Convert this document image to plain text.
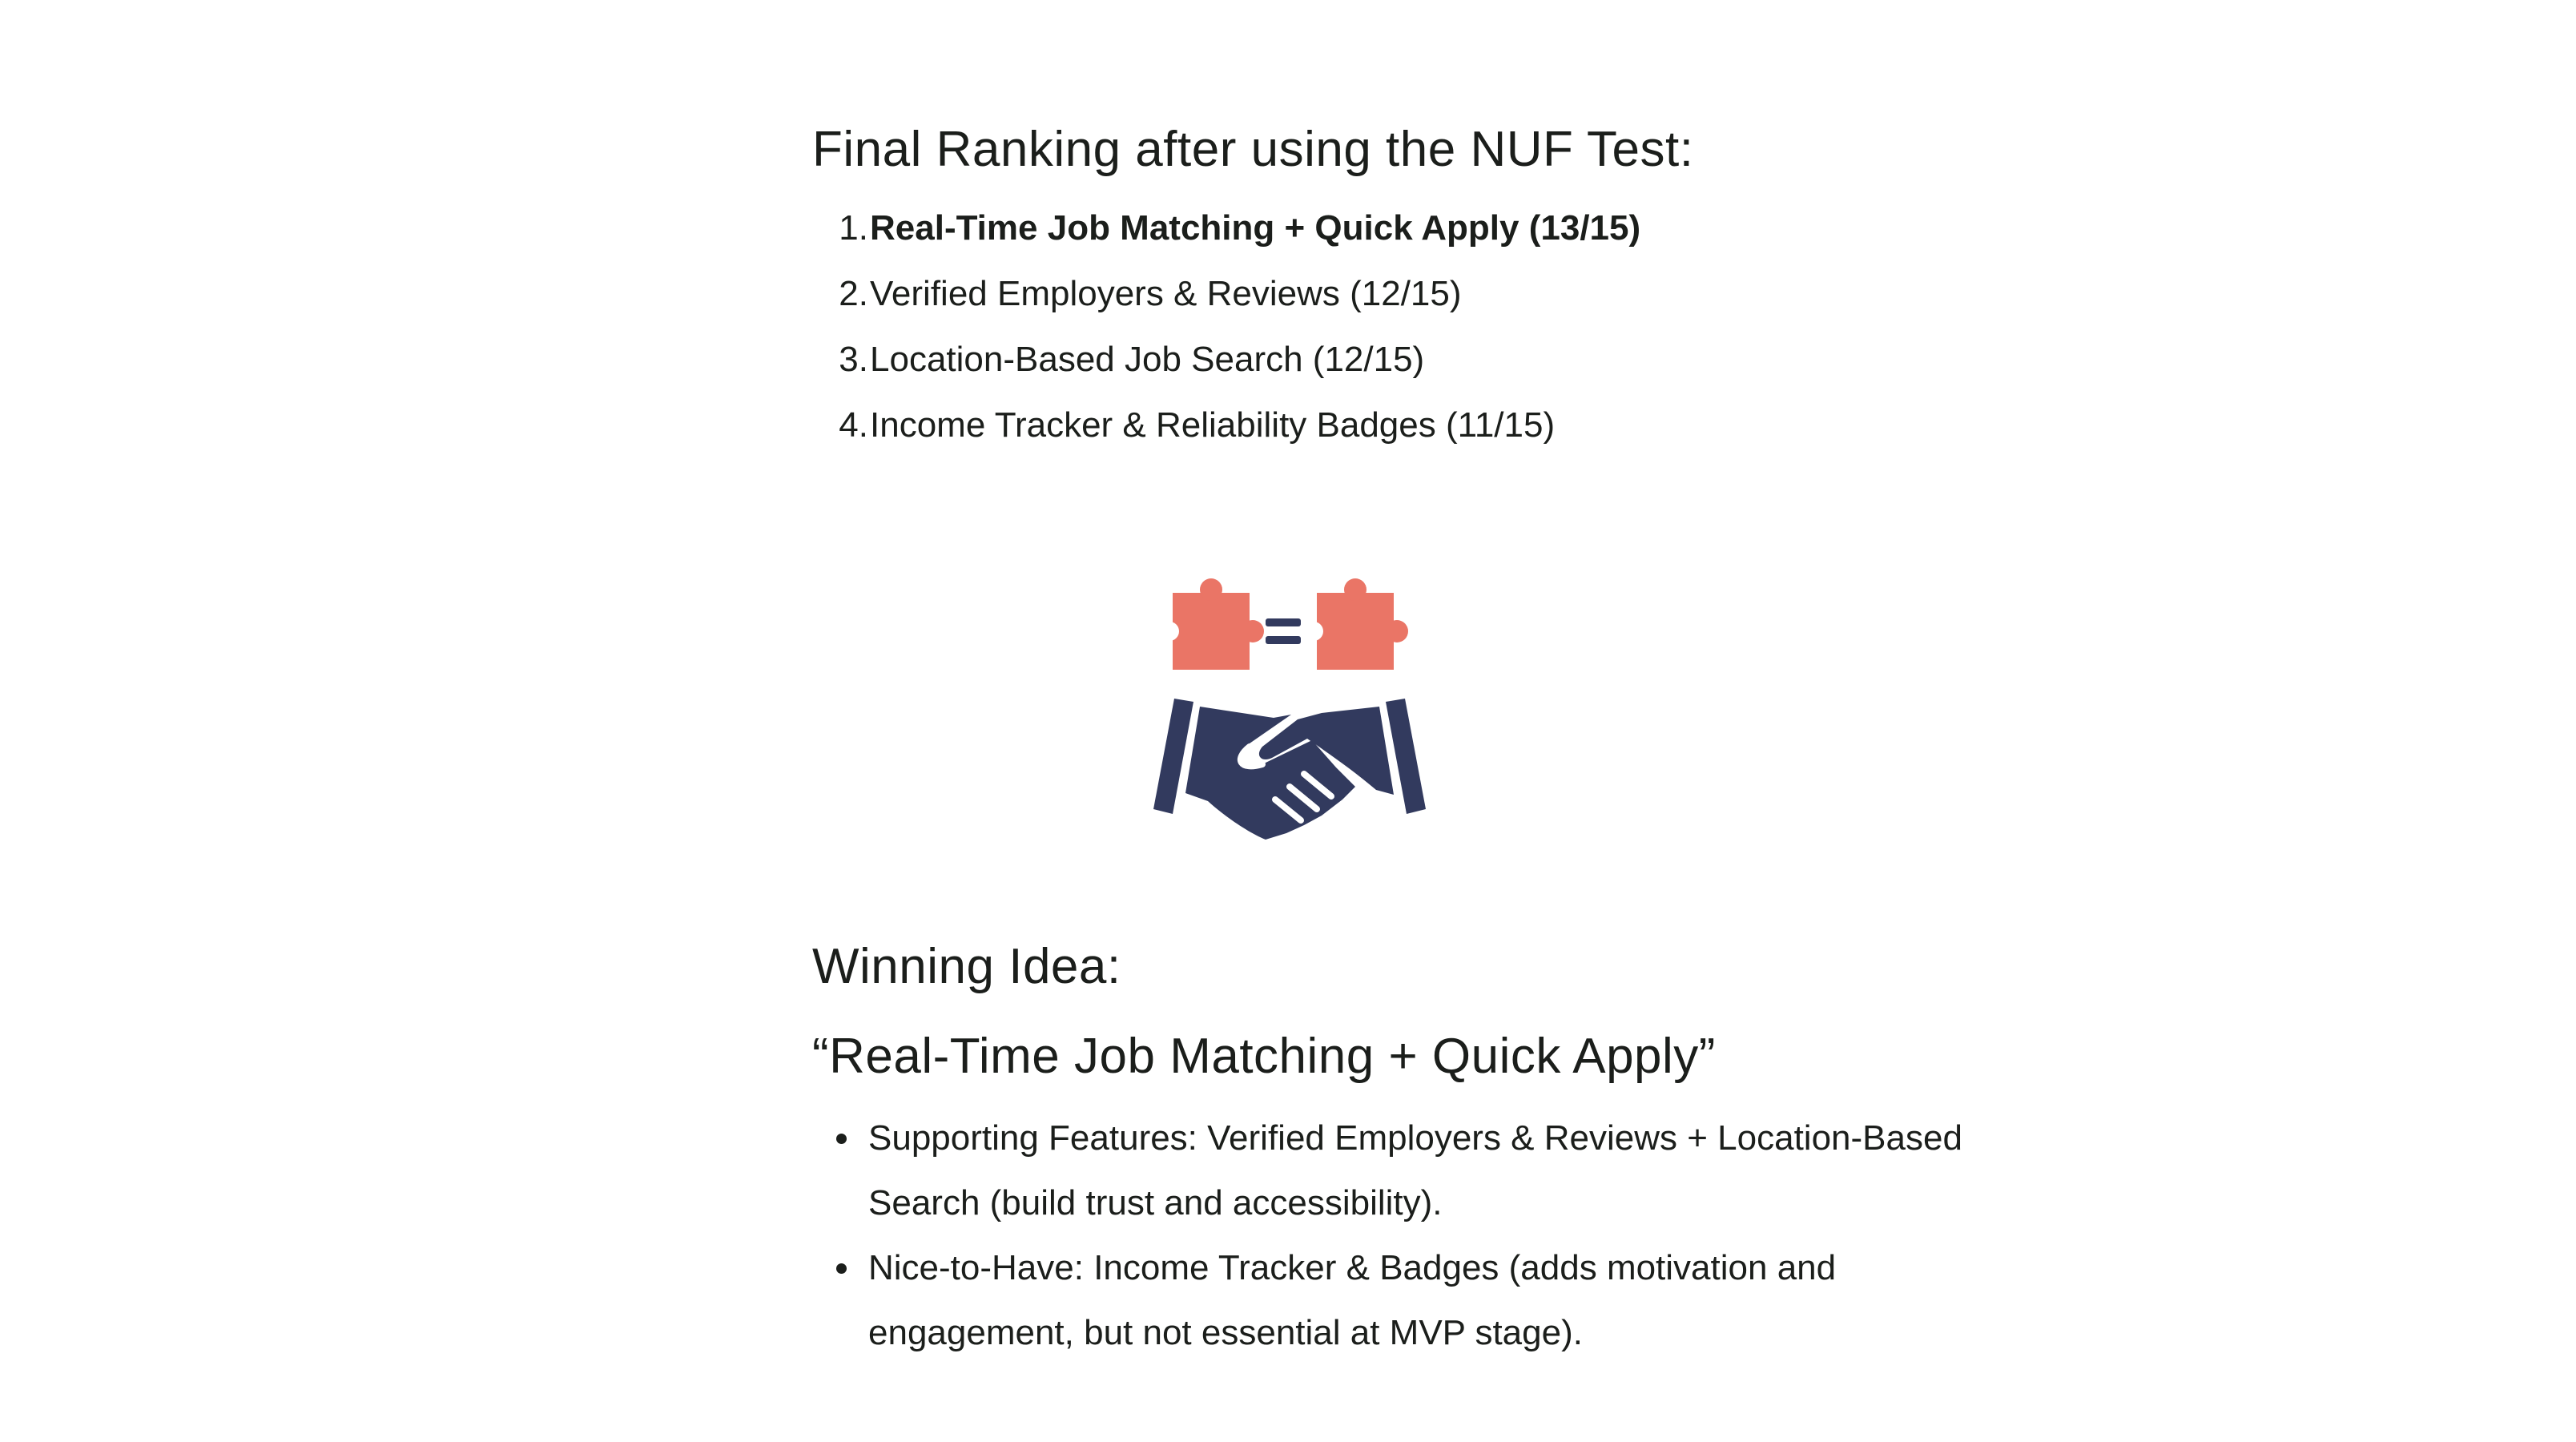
Final Ranking after using the NUF Test:
1. Real-Time Job Matching + Quick Apply (13/15)
2. Verified Employers & Reviews (12/15)
3. Location-Based Job Search (12/15)
4. Income Tracker & Reliability Badges (11/15)
Winning Idea:
“Real-Time Job Matching + Quick Apply”
Supporting Features: Verified Employers & Reviews + Location-Based Search (build trust and accessibility).
Nice-to-Have: Income Tracker & Badges (adds motivation and engagement, but not essential at MVP stage).
